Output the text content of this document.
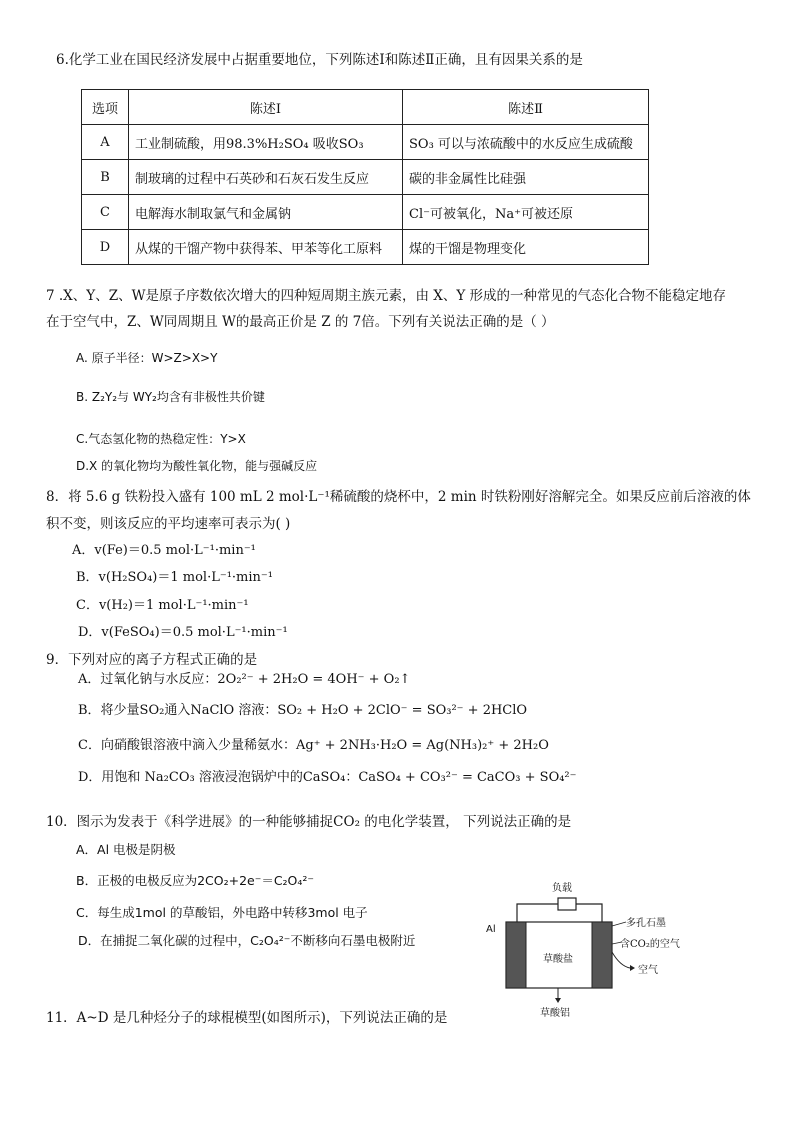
6.化学工业在国民经济发展中占据重要地位，下列陈述Ⅰ和陈述Ⅱ正确，且有因果关系的是
选项	陈述Ⅰ	陈述Ⅱ
A	工业制硫酸，用98.3%H₂SO₄ 吸收SO₃	SO₃ 可以与浓硫酸中的水反应生成硫酸
B	制玻璃的过程中石英砂和石灰石发生反应	碳的非金属性比硅强
C	电解海水制取氯气和金属钠	Cl⁻可被氧化，Na⁺可被还原
D	从煤的干馏产物中获得苯、甲苯等化工原料	煤的干馏是物理变化
7 .X、Y、Z、W是原子序数依次增大的四种短周期主族元素，由 X、Y 形成的一种常见的气态化合物不能稳定地存
在于空气中，Z、W同周期且 W的最高正价是 Z 的 7倍。下列有关说法正确的是（ ）
A. 原子半径：W>Z>X>Y
B. Z₂Y₂与 WY₂均含有非极性共价键
C.气态氢化物的热稳定性：Y>X
D.X 的氧化物均为酸性氧化物，能与强碱反应
8．将 5.6 g 铁粉投入盛有 100 mL 2 mol·L⁻¹稀硫酸的烧杯中，2 min 时铁粉刚好溶解完全。如果反应前后溶液的体
积不变，则该反应的平均速率可表示为( )
A．v(Fe)＝0.5 mol·L⁻¹·min⁻¹
B．v(H₂SO₄)＝1 mol·L⁻¹·min⁻¹
C．v(H₂)＝1 mol·L⁻¹·min⁻¹
D．v(FeSO₄)＝0.5 mol·L⁻¹·min⁻¹
9．下列对应的离子方程式正确的是
A．过氧化钠与水反应：2O₂²⁻ + 2H₂O = 4OH⁻ + O₂↑
B．将少量SO₂通入NaClO 溶液：SO₂ + H₂O + 2ClO⁻ = SO₃²⁻ + 2HClO
C．向硝酸银溶液中滴入少量稀氨水：Ag⁺ + 2NH₃·H₂O = Ag(NH₃)₂⁺ + 2H₂O
D．用饱和 Na₂CO₃ 溶液浸泡锅炉中的CaSO₄：CaSO₄ + CO₃²⁻ = CaCO₃ + SO₄²⁻
10．图示为发表于《科学进展》的一种能够捕捉CO₂ 的电化学装置， 下列说法正确的是
A．Al 电极是阴极
B．正极的电极反应为2CO₂+2e⁻＝C₂O₄²⁻
C．每生成1mol 的草酸铝，外电路中转移3mol 电子
D．在捕捉二氧化碳的过程中，C₂O₄²⁻不断移向石墨电极附近
负载
Al
多孔石墨
含CO₂的空气
空气
草酸盐
草酸铝
11．A~D 是几种烃分子的球棍模型(如图所示)，下列说法正确的是
